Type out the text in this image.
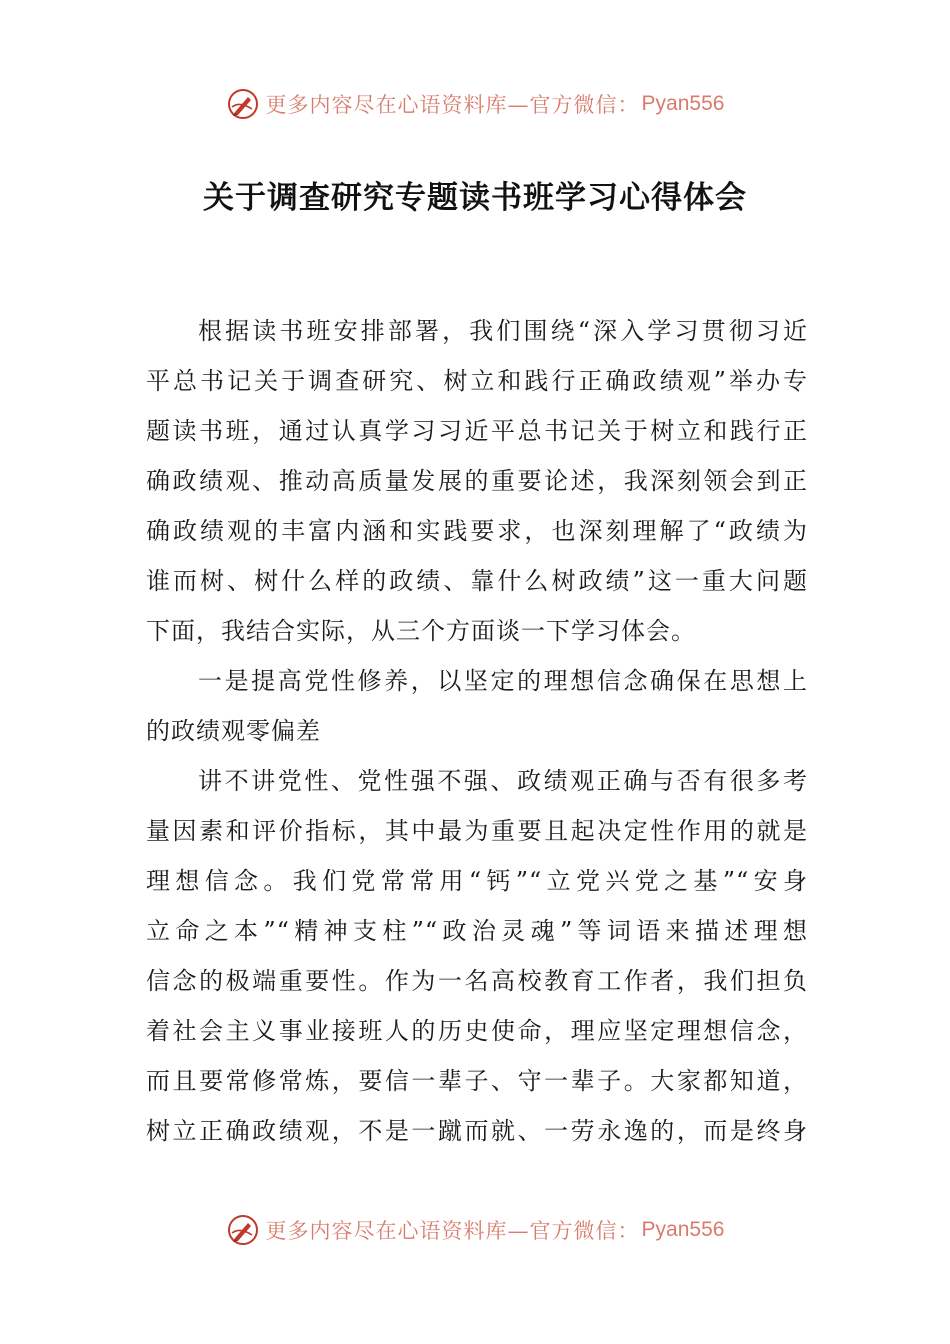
更多内容尽在心语资料库—官方微信： Pyan556
关于调查研究专题读书班学习心得体会
根据读书班安排部署，我们围绕“深入学习贯彻习近
平总书记关于调查研究、树立和践行正确政绩观”举办专
题读书班，通过认真学习习近平总书记关于树立和践行正
确政绩观、推动高质量发展的重要论述，我深刻领会到正
确政绩观的丰富内涵和实践要求，也深刻理解了“政绩为
谁而树、树什么样的政绩、靠什么树政绩”这一重大问题
下面，我结合实际，从三个方面谈一下学习体会。
一是提高党性修养，以坚定的理想信念确保在思想上
的政绩观零偏差
讲不讲党性、党性强不强、政绩观正确与否有很多考
量因素和评价指标，其中最为重要且起决定性作用的就是
理想信念。我们党常常用“钙”“立党兴党之基”“安身
立命之本”“精神支柱”“政治灵魂”等词语来描述理想
信念的极端重要性。作为一名高校教育工作者，我们担负
着社会主义事业接班人的历史使命，理应坚定理想信念，
而且要常修常炼，要信一辈子、守一辈子。大家都知道，
树立正确政绩观，不是一蹴而就、一劳永逸的，而是终身
更多内容尽在心语资料库—官方微信： Pyan556
